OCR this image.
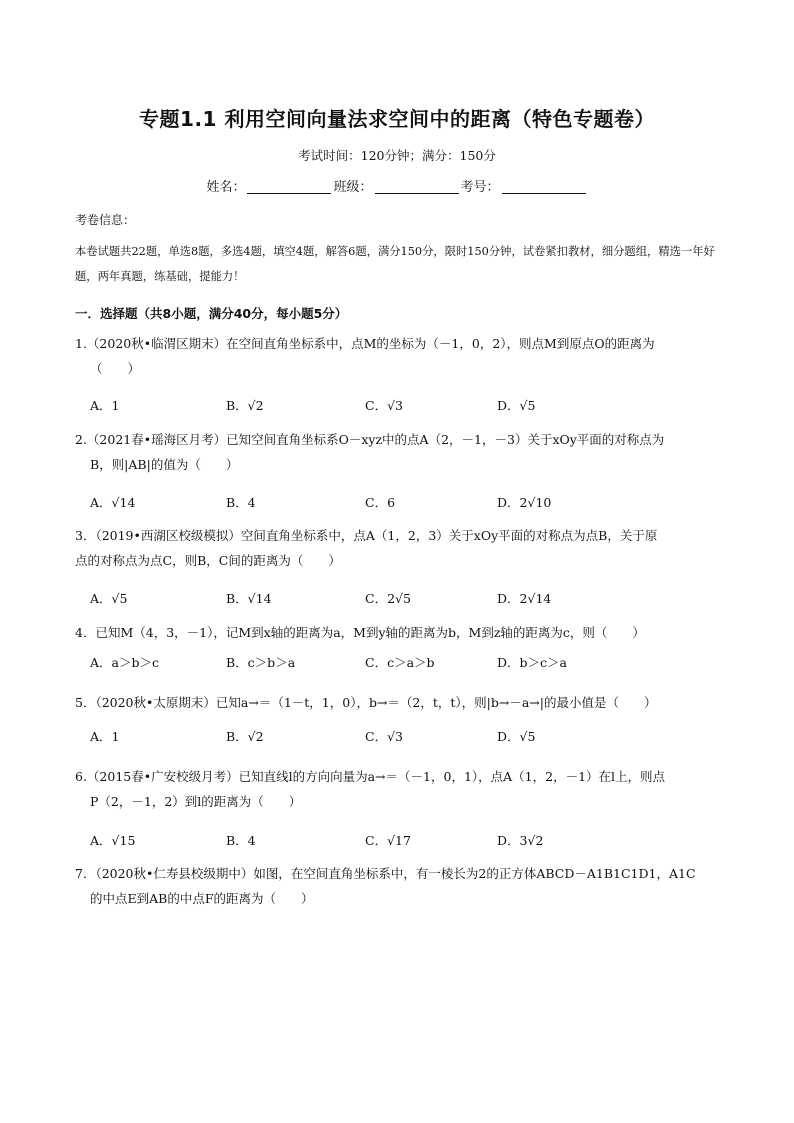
专题1.1 利用空间向量法求空间中的距离（特色专题卷）
考试时间：120分钟；满分：150分
姓名：	班级：	考号：
考卷信息：
本卷试题共22题，单选8题，多选4题，填空4题，解答6题，满分150分，限时150分钟，试卷紧扣教材，细分题组，精选一年好题，两年真题，练基础，提能力！
一．选择题（共8小题，满分40分，每小题5分）
1.（2020秋•临渭区期末）在空间直角坐标系中，点M的坐标为（－1，0，2），则点M到原点O的距离为
（　　）
A．1	B．√2	C．√3	D．√5
2.（2021春•瑶海区月考）已知空间直角坐标系O－xyz中的点A（2，－1，－3）关于xOy平面的对称点为
B，则|AB|的值为（　　）
A．√14	B．4	C．6	D．2√10
3．（2019•西湖区校级模拟）空间直角坐标系中，点A（1，2，3）关于xOy平面的对称点为点B，关于原
点的对称点为点C，则B，C间的距离为（　　）
A．√5	B．√14	C．2√5	D．2√14
4．已知M（4，3，－1），记M到x轴的距离为a，M到y轴的距离为b，M到z轴的距离为c，则（　　）
A．a＞b＞c	B．c＞b＞a	C．c＞a＞b	D．b＞c＞a
5．（2020秋•太原期末）已知a→＝（1－t，1，0），b→＝（2，t，t），则|b→－a→|的最小值是（　　）
A．1	B．√2	C．√3	D．√5
6.（2015春•广安校级月考）已知直线l的方向向量为a→＝（－1，0，1），点A（1，2，－1）在l上，则点
P（2，－1，2）到l的距离为（　　）
A．√15	B．4	C．√17	D．3√2
7．（2020秋•仁寿县校级期中）如图，在空间直角坐标系中，有一棱长为2的正方体ABCD－A1B1C1D1，A1C
的中点E到AB的中点F的距离为（　　）
